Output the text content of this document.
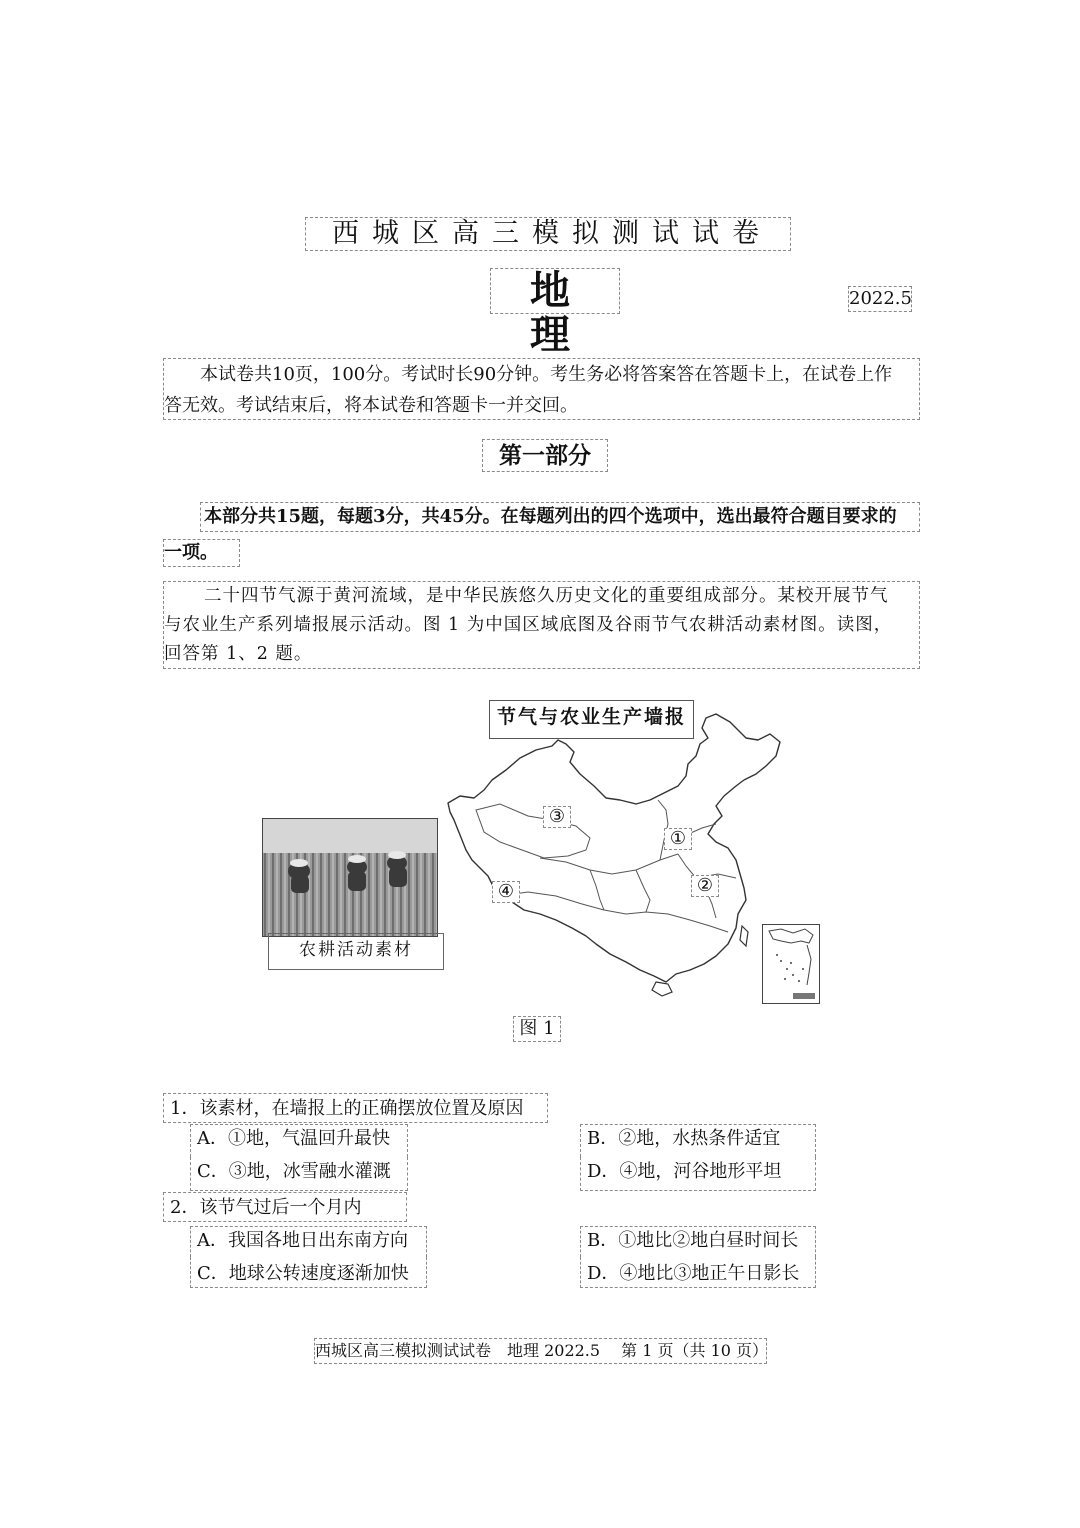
西城区高三模拟测试试卷
地理
2022.5
本试卷共10页，100分。考试时长90分钟。考生务必将答案答在答题卡上，在试卷上作
答无效。考试结束后，将本试卷和答题卡一并交回。
第一部分
本部分共15题，每题3分，共45分。在每题列出的四个选项中，选出最符合题目要求的
一项。
二十四节气源于黄河流域，是中华民族悠久历史文化的重要组成部分。某校开展节气
与农业生产系列墙报展示活动。图 1 为中国区域底图及谷雨节气农耕活动素材图。读图，
回答第 1、2 题。
③
①
②
④
节气与农业生产墙报
农耕活动素材
图 1
1．该素材，在墙报上的正确摆放位置及原因
A．①地，气温回升最快
C．③地，冰雪融水灌溉
B．②地，水热条件适宜
D．④地，河谷地形平坦
2．该节气过后一个月内
A．我国各地日出东南方向
C．地球公转速度逐渐加快
B．①地比②地白昼时间长
D．④地比③地正午日影长
西城区高三模拟测试试卷　地理 2022.5　 第 1 页（共 10 页）
